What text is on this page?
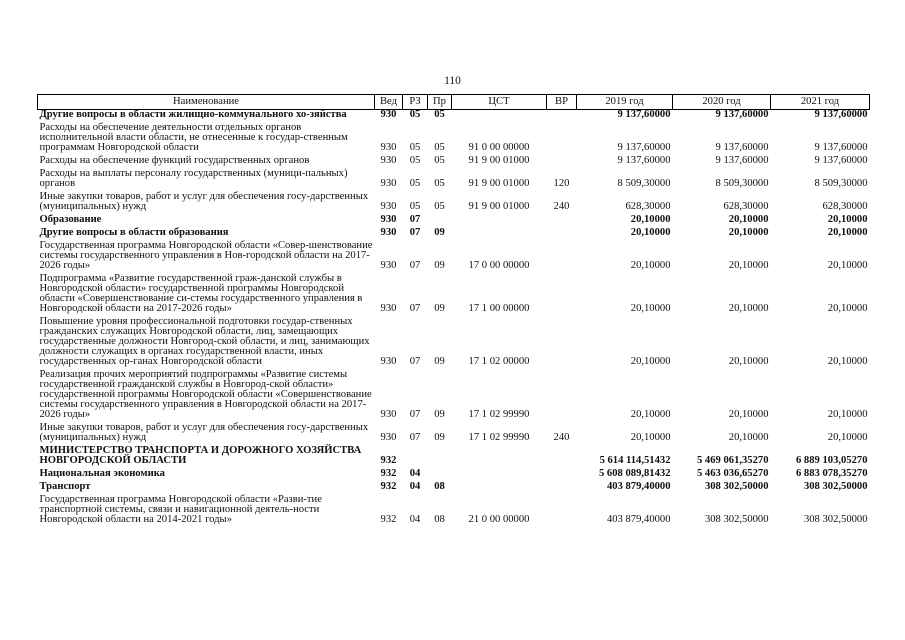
110
Наименование	Вед	РЗ	Пр	ЦСТ	ВР	2019 год	2020 год	2021 год
Другие вопросы в области жилищно-коммунального хо-зяйства	930	05	05			9 137,60000	9 137,60000	9 137,60000
Расходы на обеспечение деятельности отдельных органов исполнительной власти области, не отнесенные к государ-ственным программам Новгородской области	930	05	05	91 0 00 00000		9 137,60000	9 137,60000	9 137,60000
Расходы на обеспечение функций государственных органов	930	05	05	91 9 00 01000		9 137,60000	9 137,60000	9 137,60000
Расходы на выплаты персоналу государственных (муници-пальных) органов	930	05	05	91 9 00 01000	120	8 509,30000	8 509,30000	8 509,30000
Иные закупки товаров, работ и услуг для обеспечения госу-дарственных (муниципальных) нужд	930	05	05	91 9 00 01000	240	628,30000	628,30000	628,30000
Образование	930	07				20,10000	20,10000	20,10000
Другие вопросы в области образования	930	07	09			20,10000	20,10000	20,10000
Государственная программа Новгородской области «Совер-шенствование системы государственного управления в Нов-городской области на 2017-2026 годы»	930	07	09	17 0 00 00000		20,10000	20,10000	20,10000
Подпрограмма «Развитие государственной граж-данской службы в Новгородской области» государственной программы Новгородской области «Совершенствование си-стемы государственного управления в Новгородской области на 2017-2026 годы»	930	07	09	17 1 00 00000		20,10000	20,10000	20,10000
Повышение уровня профессиональной подготовки государ-ственных гражданских служащих Новгородской области, лиц, замещающих государственные должности Новгород-ской области, и лиц, занимающих должности служащих в органах государственной власти, иных государственных ор-ганах Новгородской области	930	07	09	17 1 02 00000		20,10000	20,10000	20,10000
Реализация прочих мероприятий подпрограммы «Развитие системы государственной гражданской службы в Новгород-ской области» государственной программы Новгородской области «Совершенствование системы государственного управления в Новгородской области на 2017-2026 годы»	930	07	09	17 1 02 99990		20,10000	20,10000	20,10000
Иные закупки товаров, работ и услуг для обеспечения госу-дарственных (муниципальных) нужд	930	07	09	17 1 02 99990	240	20,10000	20,10000	20,10000
МИНИСТЕРСТВО ТРАНСПОРТА И ДОРОЖНОГО ХОЗЯЙСТВА НОВГОРОДСКОЙ ОБЛАСТИ	932					5 614 114,51432	5 469 061,35270	6 889 103,05270
Национальная экономика	932	04				5 608 089,81432	5 463 036,65270	6 883 078,35270
Транспорт	932	04	08			403 879,40000	308 302,50000	308 302,50000
Государственная программа Новгородской области «Разви-тие транспортной системы, связи и навигационной деятель-ности Новгородской области на 2014-2021 годы»	932	04	08	21 0 00 00000		403 879,40000	308 302,50000	308 302,50000
